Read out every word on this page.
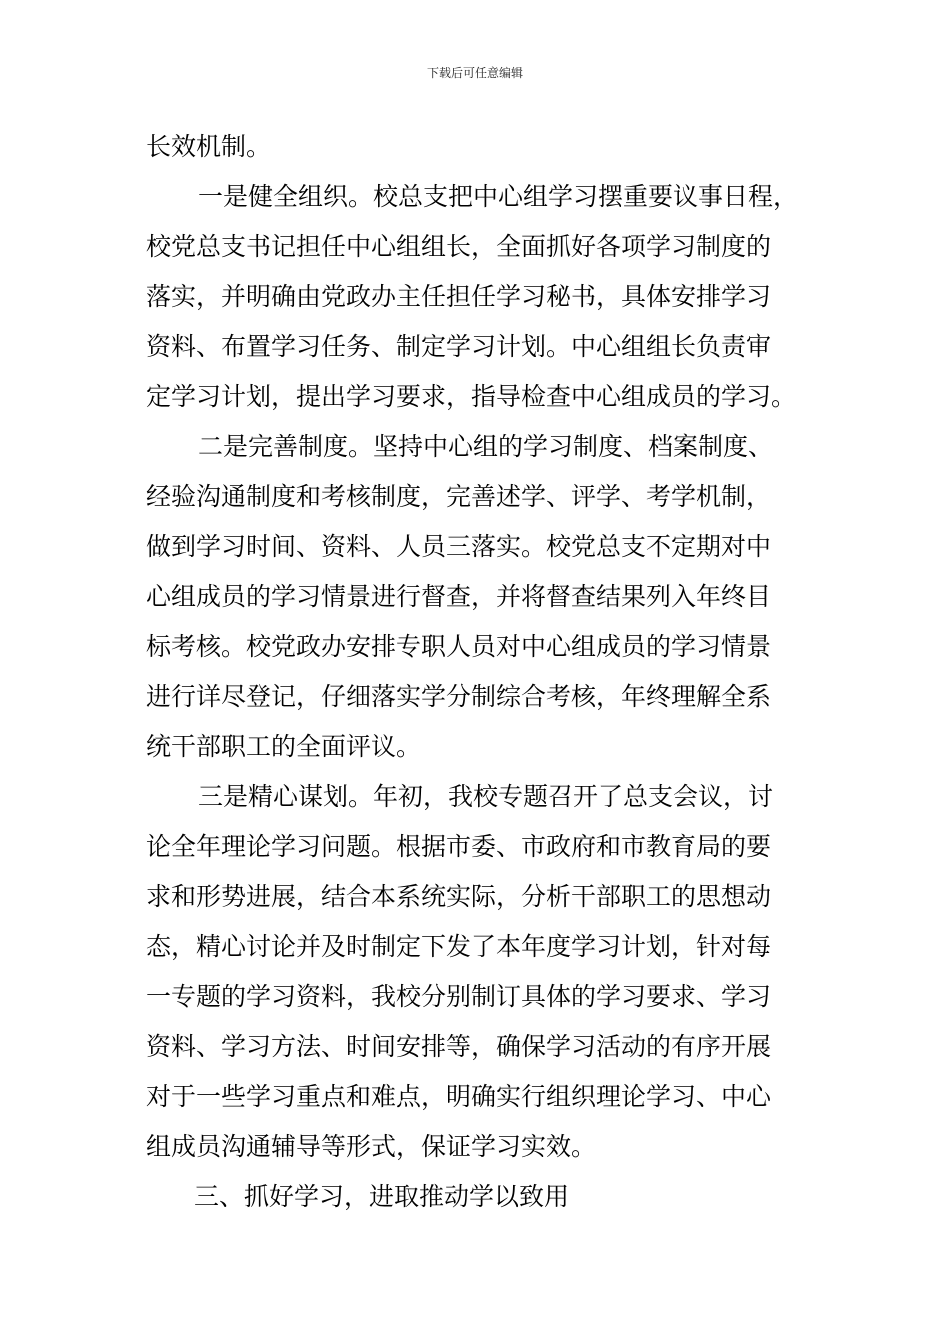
下载后可任意编辑
长效机制。
一是健全组织。校总支把中心组学习摆重要议事日程，
校党总支书记担任中心组组长，全面抓好各项学习制度的
落实，并明确由党政办主任担任学习秘书，具体安排学习
资料、布置学习任务、制定学习计划。中心组组长负责审
定学习计划，提出学习要求，指导检查中心组成员的学习。
二是完善制度。坚持中心组的学习制度、档案制度、
经验沟通制度和考核制度，完善述学、评学、考学机制，
做到学习时间、资料、人员三落实。校党总支不定期对中
心组成员的学习情景进行督查，并将督查结果列入年终目
标考核。校党政办安排专职人员对中心组成员的学习情景
进行详尽登记，仔细落实学分制综合考核，年终理解全系
统干部职工的全面评议。
三是精心谋划。年初，我校专题召开了总支会议，讨
论全年理论学习问题。根据市委、市政府和市教育局的要
求和形势进展，结合本系统实际，分析干部职工的思想动
态，精心讨论并及时制定下发了本年度学习计划，针对每
一专题的学习资料，我校分别制订具体的学习要求、学习
资料、学习方法、时间安排等，确保学习活动的有序开展
对于一些学习重点和难点，明确实行组织理论学习、中心
组成员沟通辅导等形式，保证学习实效。
三、抓好学习，进取推动学以致用
